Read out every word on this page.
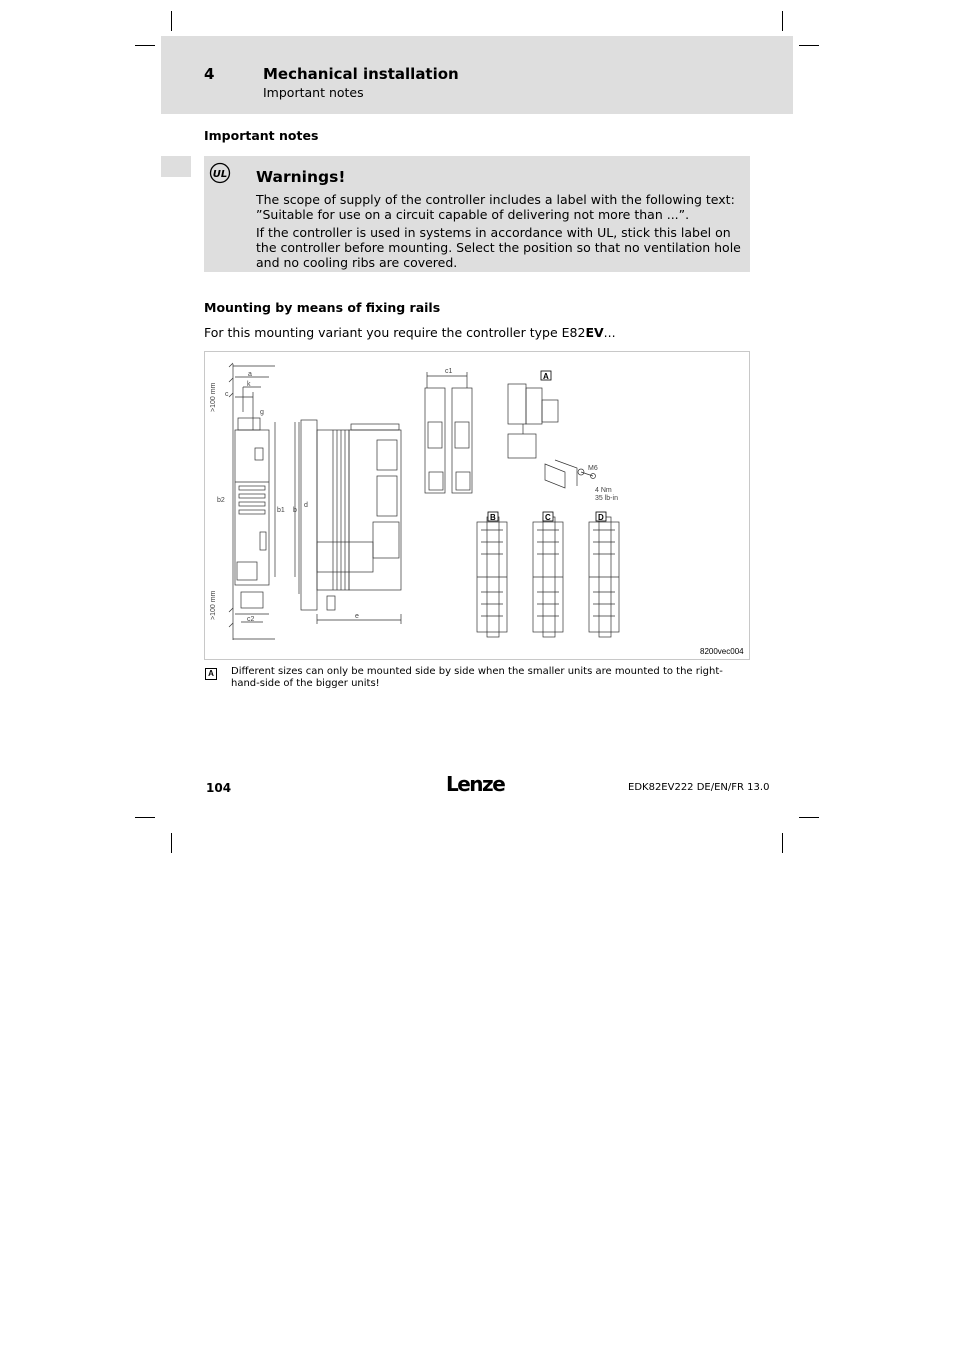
4	Mechanical installation
Important notes
Important notes
UL Warnings!
The scope of supply of the controller includes a label with the following text: ”Suitable for use on a circuit capable of delivering not more than ...”.
If the controller is used in systems in accordance with UL, stick this label on the controller before mounting. Select the position so that no ventilation hole and no cooling ribs are covered.
Mounting by means of fixing rails
For this mounting variant you require the controller type E82EV...
a
k
c
g
b2
b1 b
d
e
c2
c1
>100 mm
>100 mm
M6
4 Nm
35 lb-in
A
B	C	D
8200vec004
A	Different sizes can only be mounted side by side when the smaller units are mounted to the right-hand-side of the bigger units!
104	Lenze	EDK82EV222 DE/EN/FR 13.0
